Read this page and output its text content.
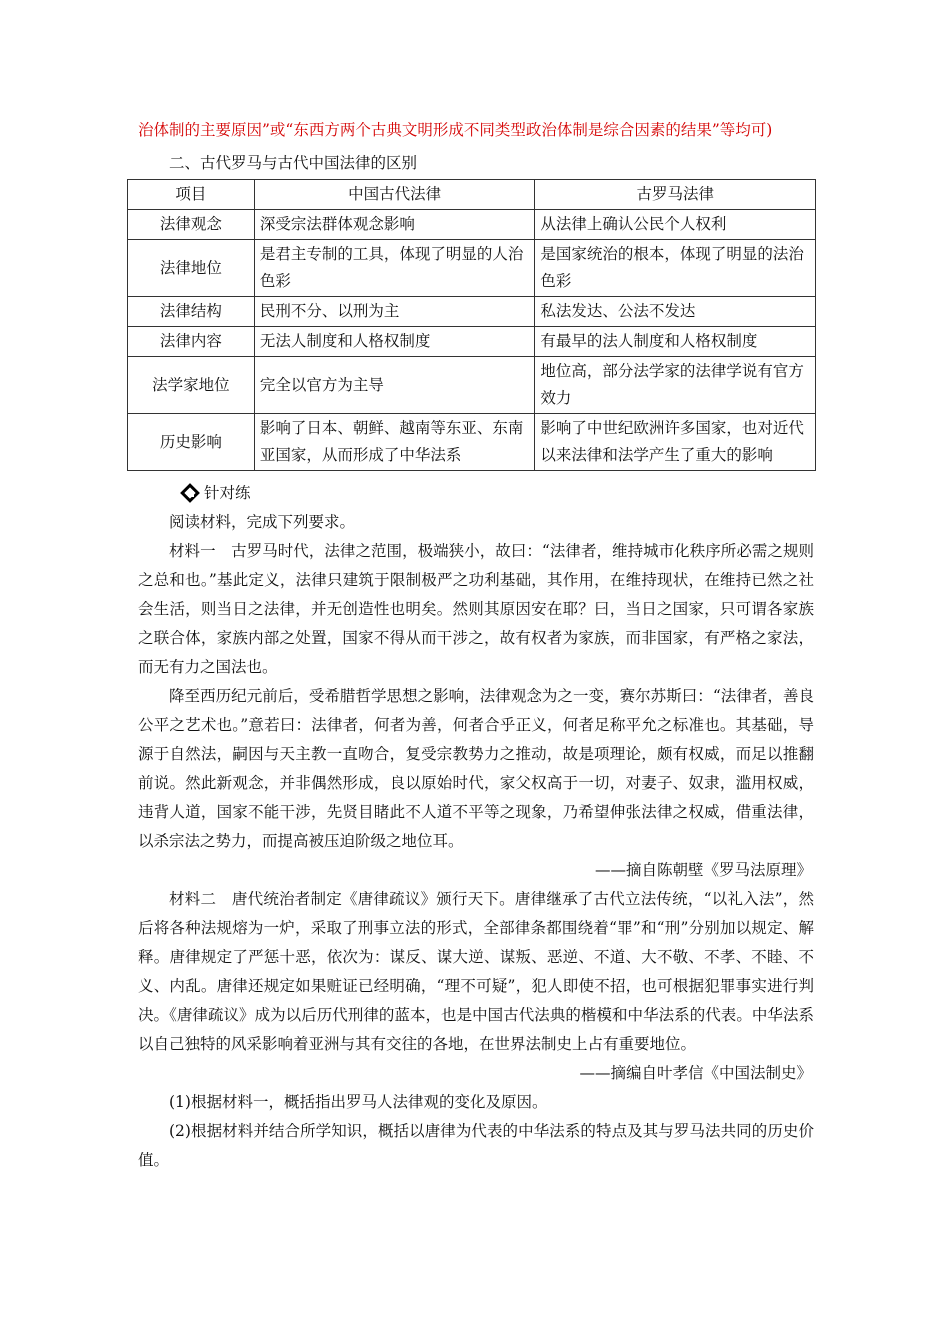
治体制的主要原因”或“东西方两个古典文明形成不同类型政治体制是综合因素的结果”等均可)
二、古代罗马与古代中国法律的区别
项目	中国古代法律	古罗马法律
法律观念	深受宗法群体观念影响	从法律上确认公民个人权利
法律地位	是君主专制的工具，体现了明显的人治色彩	是国家统治的根本，体现了明显的法治色彩
法律结构	民刑不分、以刑为主	私法发达、公法不发达
法律内容	无法人制度和人格权制度	有最早的法人制度和人格权制度
法学家地位	完全以官方为主导	地位高，部分法学家的法律学说有官方效力
历史影响	影响了日本、朝鲜、越南等东亚、东南亚国家，从而形成了中华法系	影响了中世纪欧洲许多国家，也对近代以来法律和法学产生了重大的影响
针对练

阅读材料，完成下列要求。

材料一　古罗马时代，法律之范围，极端狭小，故曰：“法律者，维持城市化秩序所必需之规则之总和也。”基此定义，法律只建筑于限制极严之功利基础，其作用，在维持现状，在维持已然之社会生活，则当日之法律，并无创造性也明矣。然则其原因安在耶？曰，当日之国家，只可谓各家族之联合体，家族内部之处置，国家不得从而干涉之，故有权者为家族，而非国家，有严格之家法，而无有力之国法也。

降至西历纪元前后，受希腊哲学思想之影响，法律观念为之一变，赛尔苏斯曰：“法律者，善良公平之艺术也。”意若曰：法律者，何者为善，何者合乎正义，何者足称平允之标准也。其基础，导源于自然法，嗣因与天主教一直吻合，复受宗教势力之推动，故是项理论，颇有权威，而足以推翻前说。然此新观念，并非偶然形成，良以原始时代，家父权高于一切，对妻子、奴隶，滥用权威，违背人道，国家不能干涉，先贤目睹此不人道不平等之现象，乃希望伸张法律之权威，借重法律，以杀宗法之势力，而提高被压迫阶级之地位耳。

——摘自陈朝壁《罗马法原理》

材料二　唐代统治者制定《唐律疏议》颁行天下。唐律继承了古代立法传统，“以礼入法”，然后将各种法规熔为一炉，采取了刑事立法的形式，全部律条都围绕着“罪”和“刑”分别加以规定、解释。唐律规定了严惩十恶，依次为：谋反、谋大逆、谋叛、恶逆、不道、大不敬、不孝、不睦、不义、内乱。唐律还规定如果赃证已经明确，“理不可疑”，犯人即使不招，也可根据犯罪事实进行判决。《唐律疏议》成为以后历代刑律的蓝本，也是中国古代法典的楷模和中华法系的代表。中华法系以自己独特的风采影响着亚洲与其有交往的各地，在世界法制史上占有重要地位。

——摘编自叶孝信《中国法制史》

(1)根据材料一，概括指出罗马人法律观的变化及原因。

(2)根据材料并结合所学知识，概括以唐律为代表的中华法系的特点及其与罗马法共同的历史价值。
